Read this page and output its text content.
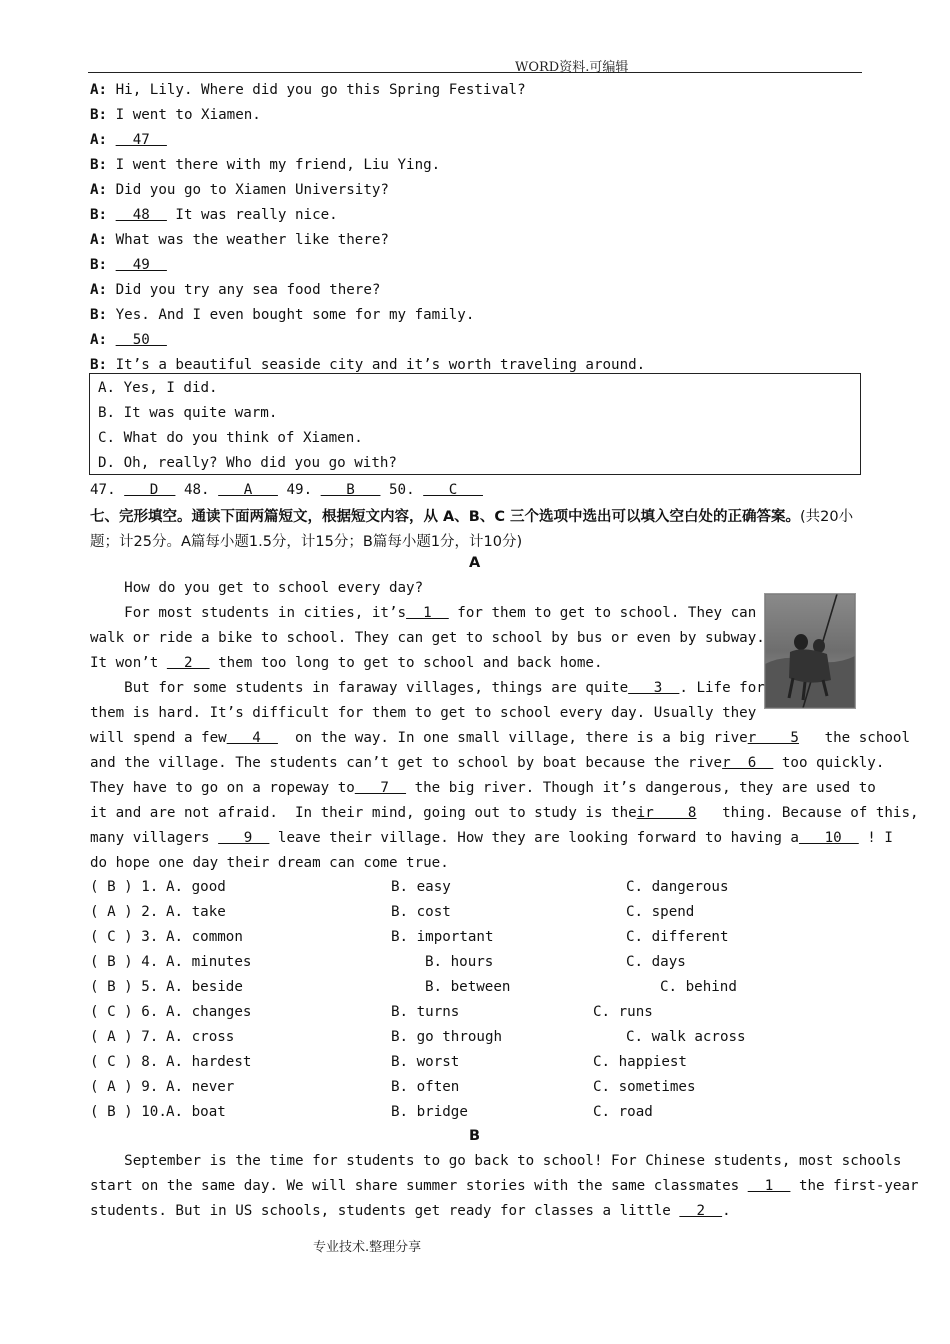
WORD资料.可编辑
A: Hi, Lily. Where did you go this Spring Festival?
B: I went to Xiamen.
A:   47
B: I went there with my friend, Liu Ying.
A: Did you go to Xiamen University?
B:   48   It was really nice.
A: What was the weather like there?
B:   49
A: Did you try any sea food there?
B: Yes. And I even bought some for my family.
A:   50
B: It’s a beautiful seaside city and it’s worth traveling around.
A. Yes, I did.
B. It was quite warm.
C. What do you think of Xiamen.
D. Oh, really? Who did you go with?
47.    D   48.    A    49.    B    50.    C
七、完形填空。通读下面两篇短文，根据短文内容，从 A、B、C 三个选项中选出可以填入空白处的正确答案。(共20小题；计25分。A篇每小题1.5分，计15分；B篇每小题1分，计10分)
A
How do you get to school every day?
For most students in cities, it’s  1   for them to get to school. They can
walk or ride a bike to school. They can get to school by bus or even by subway.
It won’t   2   them too long to get to school and back home.
But for some students in faraway villages, things are quite   3  . Life for
them is hard. It’s difficult for them to get to school every day. Usually they
will spend a few   4    on the way. In one small village, there is a big river    5   the school
and the village. The students can’t get to school by boat because the river  6   too quickly.
They have to go on a ropeway to   7   the big river. Though it’s dangerous, they are used to
it and are not afraid.  In their mind, going out to study is their    8   thing. Because of this,
many villagers    9   leave their village. How they are looking forward to having a   10   ! I
do hope one day their dream can come true.
( B ) 1. A. good	B. easy	C. dangerous
( A ) 2. A. take	B. cost	C. spend
( C ) 3. A. common	B. important	C. different
( B ) 4. A. minutes	B. hours	C. days
( B ) 5. A. beside	B. between	C. behind
( C ) 6. A. changes	B. turns	C. runs
( A ) 7. A. cross	B. go through	C. walk across
( C ) 8. A. hardest	B. worst	C. happiest
( A ) 9. A. never	B. often	C. sometimes
( B ) 10. A. boat	B. bridge	C. road
B
September is the time for students to go back to school! For Chinese students, most schools
start on the same day. We will share summer stories with the same classmates   1   the first-year
students. But in US schools, students get ready for classes a little   2  .
专业技术.整理分享
